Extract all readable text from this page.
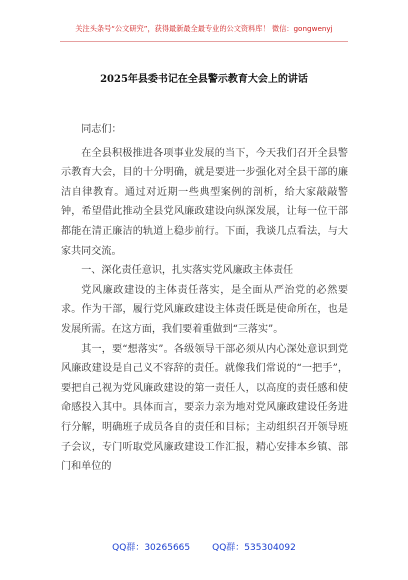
关注头条号“公文研究”，获得最新最全最专业的公文资料库！ 微信：gongwenyj
2025年县委书记在全县警示教育大会上的讲话

同志们：

在全县积极推进各项事业发展的当下，今天我们召开全县警示教育大会，目的十分明确，就是要进一步强化对全县干部的廉洁自律教育。通过对近期一些典型案例的剖析，给大家敲敲警钟，希望借此推动全县党风廉政建设向纵深发展，让每一位干部都能在清正廉洁的轨道上稳步前行。下面，我谈几点看法，与大家共同交流。

一、深化责任意识，扎实落实党风廉政主体责任

党风廉政建设的主体责任落实，是全面从严治党的必然要求。作为干部，履行党风廉政建设主体责任既是使命所在，也是发展所需。在这方面，我们要着重做到“三落实”。

其一，要“想落实”。各级领导干部必须从内心深处意识到党风廉政建设是自己义不容辞的责任。就像我们常说的“一把手”，要把自己视为党风廉政建设的第一责任人，以高度的责任感和使命感投入其中。具体而言，要亲力亲为地对党风廉政建设任务进行分解，明确班子成员各自的责任和目标；主动组织召开领导班子会议，专门听取党风廉政建设工作汇报，精心安排本乡镇、部门和单位的

QQ群：30265665 QQ群：535304092
